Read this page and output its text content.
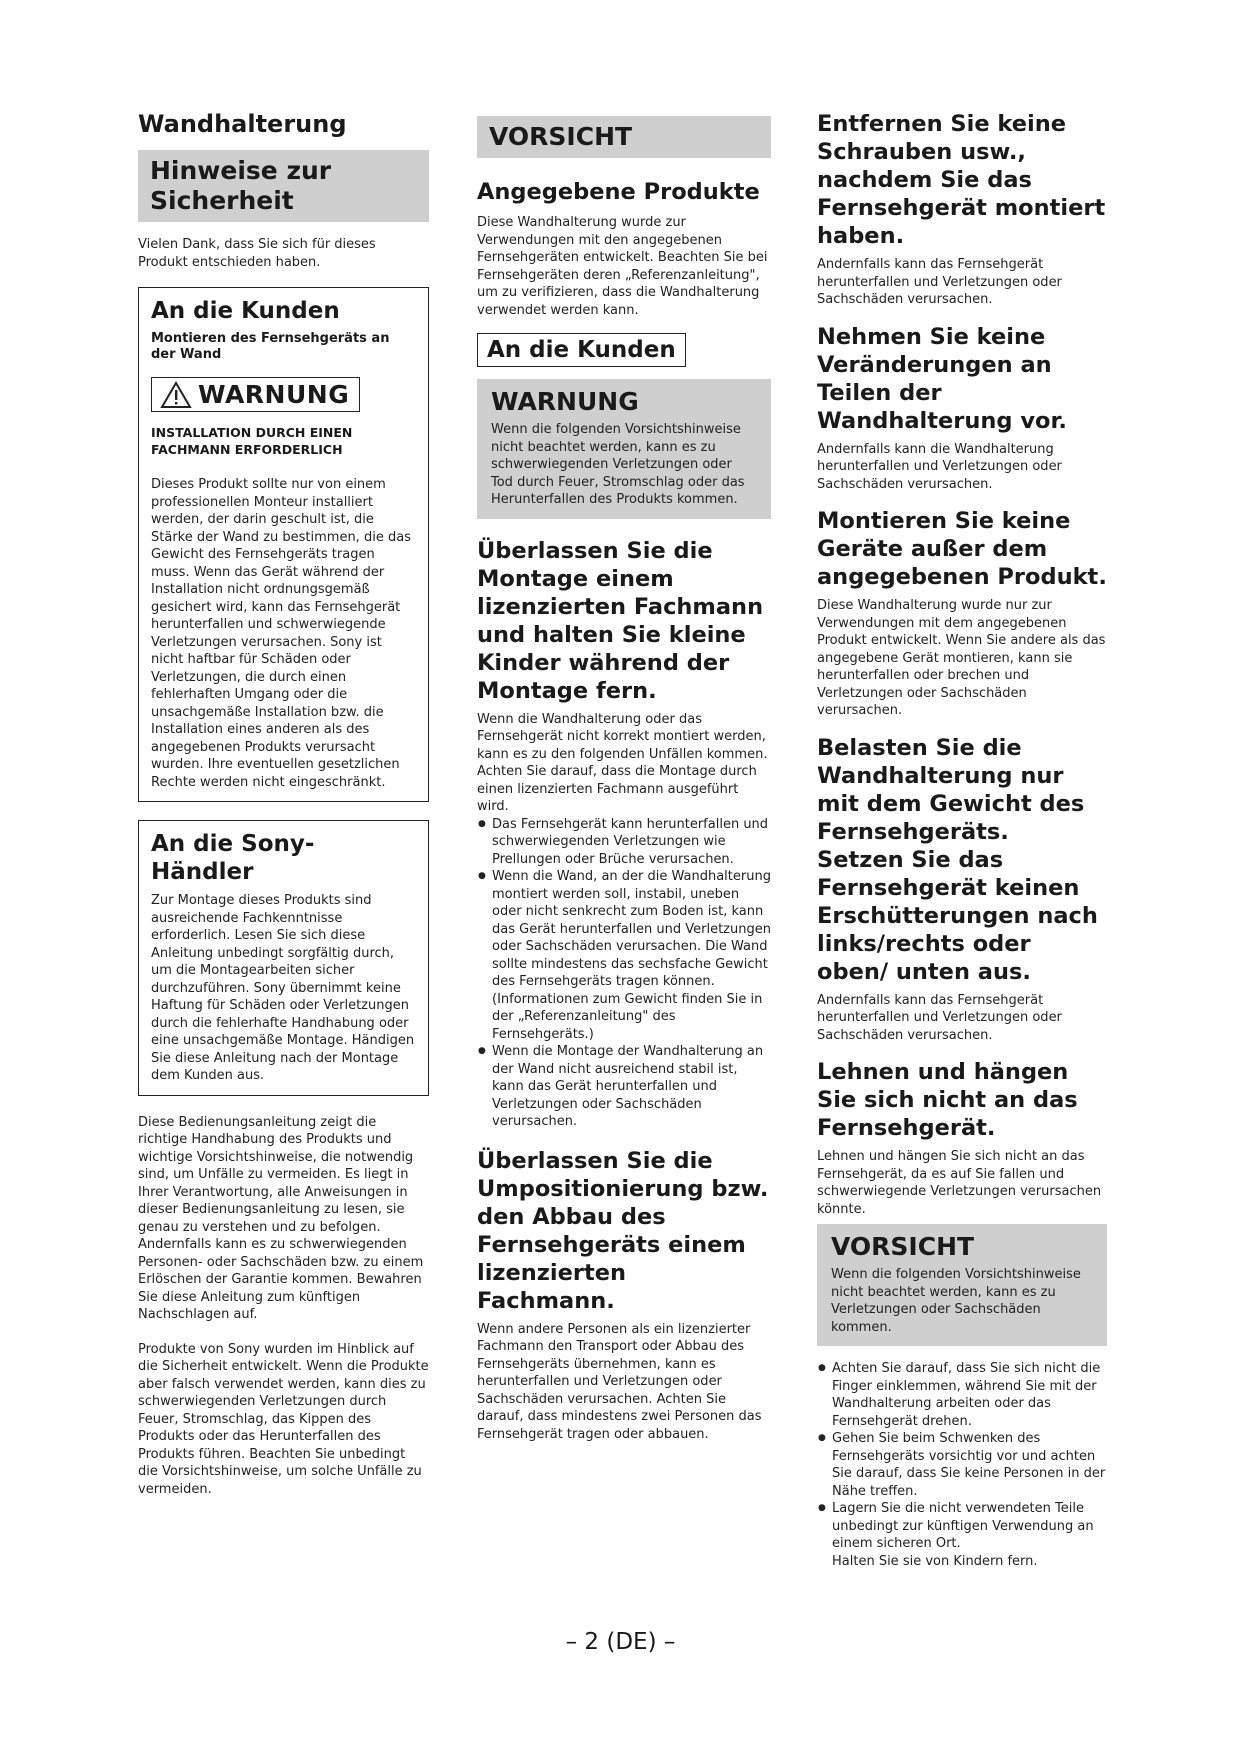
Wandhalterung
Hinweise zur Sicherheit

Vielen Dank, dass Sie sich für dieses Produkt entschieden haben.

An die Kunden
Montieren des Fernsehgeräts an der Wand
WARNUNG
INSTALLATION DURCH EINEN FACHMANN ERFORDERLICH

Dieses Produkt sollte nur von einem professionellen Monteur installiert werden, der darin geschult ist, die Stärke der Wand zu bestimmen, die das Gewicht des Fernsehgeräts tragen muss. Wenn das Gerät während der Installation nicht ordnungsgemäß gesichert wird, kann das Fernsehgerät herunterfallen und schwerwiegende Verletzungen verursachen. Sony ist nicht haftbar für Schäden oder Verletzungen, die durch einen fehlerhaften Umgang oder die unsachgemäße Installation bzw. die Installation eines anderen als des angegebenen Produkts verursacht wurden. Ihre eventuellen gesetzlichen Rechte werden nicht eingeschränkt.

An die Sony-Händler

Zur Montage dieses Produkts sind ausreichende Fachkenntnisse erforderlich. Lesen Sie sich diese Anleitung unbedingt sorgfältig durch, um die Montagearbeiten sicher durchzuführen. Sony übernimmt keine Haftung für Schäden oder Verletzungen durch die fehlerhafte Handhabung oder eine unsachgemäße Montage. Händigen Sie diese Anleitung nach der Montage dem Kunden aus.

Diese Bedienungsanleitung zeigt die richtige Handhabung des Produkts und wichtige Vorsichtshinweise, die notwendig sind, um Unfälle zu vermeiden. Es liegt in Ihrer Verantwortung, alle Anweisungen in dieser Bedienungsanleitung zu lesen, sie genau zu verstehen und zu befolgen. Andernfalls kann es zu schwerwiegenden Personen- oder Sachschäden bzw. zu einem Erlöschen der Garantie kommen. Bewahren Sie diese Anleitung zum künftigen Nachschlagen auf.

Produkte von Sony wurden im Hinblick auf die Sicherheit entwickelt. Wenn die Produkte aber falsch verwendet werden, kann dies zu schwerwiegenden Verletzungen durch Feuer, Stromschlag, das Kippen des Produkts oder das Herunterfallen des Produkts führen. Beachten Sie unbedingt die Vorsichtshinweise, um solche Unfälle zu vermeiden.

VORSICHT
Angegebene Produkte

Diese Wandhalterung wurde zur Verwendungen mit den angegebenen Fernsehgeräten entwickelt. Beachten Sie bei Fernsehgeräten deren „Referenzanleitung", um zu verifizieren, dass die Wandhalterung verwendet werden kann.

An die Kunden
WARNUNG

Wenn die folgenden Vorsichtshinweise nicht beachtet werden, kann es zu schwerwiegenden Verletzungen oder Tod durch Feuer, Stromschlag oder das Herunterfallen des Produkts kommen.

Überlassen Sie die Montage einem lizenzierten Fachmann und halten Sie kleine Kinder während der Montage fern.

Wenn die Wandhalterung oder das Fernsehgerät nicht korrekt montiert werden, kann es zu den folgenden Unfällen kommen. Achten Sie darauf, dass die Montage durch einen lizenzierten Fachmann ausgeführt wird.

● Das Fernsehgerät kann herunterfallen und schwerwiegenden Verletzungen wie Prellungen oder Brüche verursachen.
● Wenn die Wand, an der die Wandhalterung montiert werden soll, instabil, uneben oder nicht senkrecht zum Boden ist, kann das Gerät herunterfallen und Verletzungen oder Sachschäden verursachen. Die Wand sollte mindestens das sechsfache Gewicht des Fernsehgeräts tragen können. (Informationen zum Gewicht finden Sie in der „Referenzanleitung" des Fernsehgeräts.)
● Wenn die Montage der Wandhalterung an der Wand nicht ausreichend stabil ist, kann das Gerät herunterfallen und Verletzungen oder Sachschäden verursachen.
Überlassen Sie die Umpositionierung bzw. den Abbau des Fernsehgeräts einem lizenzierten Fachmann.

Wenn andere Personen als ein lizenzierter Fachmann den Transport oder Abbau des Fernsehgeräts übernehmen, kann es herunterfallen und Verletzungen oder Sachschäden verursachen. Achten Sie darauf, dass mindestens zwei Personen das Fernsehgerät tragen oder abbauen.

Entfernen Sie keine Schrauben usw., nachdem Sie das Fernsehgerät montiert haben.

Andernfalls kann das Fernsehgerät herunterfallen und Verletzungen oder Sachschäden verursachen.

Nehmen Sie keine Veränderungen an Teilen der Wandhalterung vor.

Andernfalls kann die Wandhalterung herunterfallen und Verletzungen oder Sachschäden verursachen.

Montieren Sie keine Geräte außer dem angegebenen Produkt.

Diese Wandhalterung wurde nur zur Verwendungen mit dem angegebenen Produkt entwickelt. Wenn Sie andere als das angegebene Gerät montieren, kann sie herunterfallen oder brechen und Verletzungen oder Sachschäden verursachen.

Belasten Sie die Wandhalterung nur mit dem Gewicht des Fernsehgeräts.
Setzen Sie das Fernsehgerät keinen Erschütterungen nach links/rechts oder oben/ unten aus.

Andernfalls kann das Fernsehgerät herunterfallen und Verletzungen oder Sachschäden verursachen.

Lehnen und hängen Sie sich nicht an das Fernsehgerät.

Lehnen und hängen Sie sich nicht an das Fernsehgerät, da es auf Sie fallen und schwerwiegende Verletzungen verursachen könnte.

VORSICHT

Wenn die folgenden Vorsichtshinweise nicht beachtet werden, kann es zu Verletzungen oder Sachschäden kommen.

● Achten Sie darauf, dass Sie sich nicht die Finger einklemmen, während Sie mit der Wandhalterung arbeiten oder das Fernsehgerät drehen.
● Gehen Sie beim Schwenken des Fernsehgeräts vorsichtig vor und achten Sie darauf, dass Sie keine Personen in der Nähe treffen.
● Lagern Sie die nicht verwendeten Teile unbedingt zur künftigen Verwendung an einem sicheren Ort.

Halten Sie sie von Kindern fern.

– 2 (DE) –
